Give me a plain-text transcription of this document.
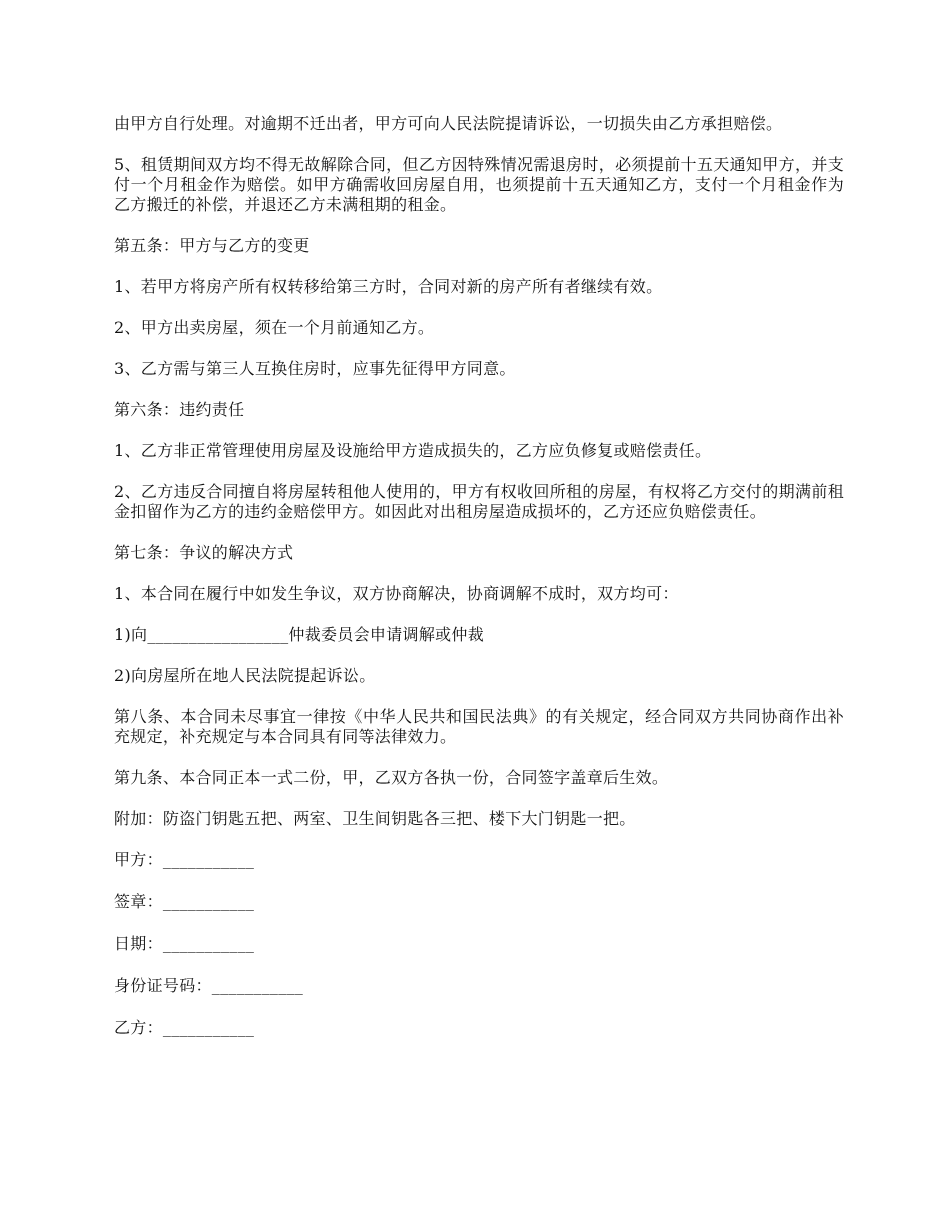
由甲方自行处理。对逾期不迁出者，甲方可向人民法院提请诉讼，一切损失由乙方承担赔偿。

5、租赁期间双方均不得无故解除合同，但乙方因特殊情况需退房时，必须提前十五天通知甲方，并支付一个月租金作为赔偿。如甲方确需收回房屋自用，也须提前十五天通知乙方，支付一个月租金作为乙方搬迁的补偿，并退还乙方未满租期的租金。

第五条：甲方与乙方的变更

1、若甲方将房产所有权转移给第三方时，合同对新的房产所有者继续有效。

2、甲方出卖房屋，须在一个月前通知乙方。

3、乙方需与第三人互换住房时，应事先征得甲方同意。

第六条：违约责任

1、乙方非正常管理使用房屋及设施给甲方造成损失的，乙方应负修复或赔偿责任。

2、乙方违反合同擅自将房屋转租他人使用的，甲方有权收回所租的房屋，有权将乙方交付的期满前租金扣留作为乙方的违约金赔偿甲方。如因此对出租房屋造成损坏的，乙方还应负赔偿责任。

第七条：争议的解决方式

1、本合同在履行中如发生争议，双方协商解决，协商调解不成时，双方均可：

1)向_________________仲裁委员会申请调解或仲裁

2)向房屋所在地人民法院提起诉讼。

第八条、本合同未尽事宜一律按《中华人民共和国民法典》的有关规定，经合同双方共同协商作出补充规定，补充规定与本合同具有同等法律效力。

第九条、本合同正本一式二份，甲，乙双方各执一份，合同签字盖章后生效。

附加：防盗门钥匙五把、两室、卫生间钥匙各三把、楼下大门钥匙一把。

甲方：___________

签章：___________

日期：___________

身份证号码：___________

乙方：___________
